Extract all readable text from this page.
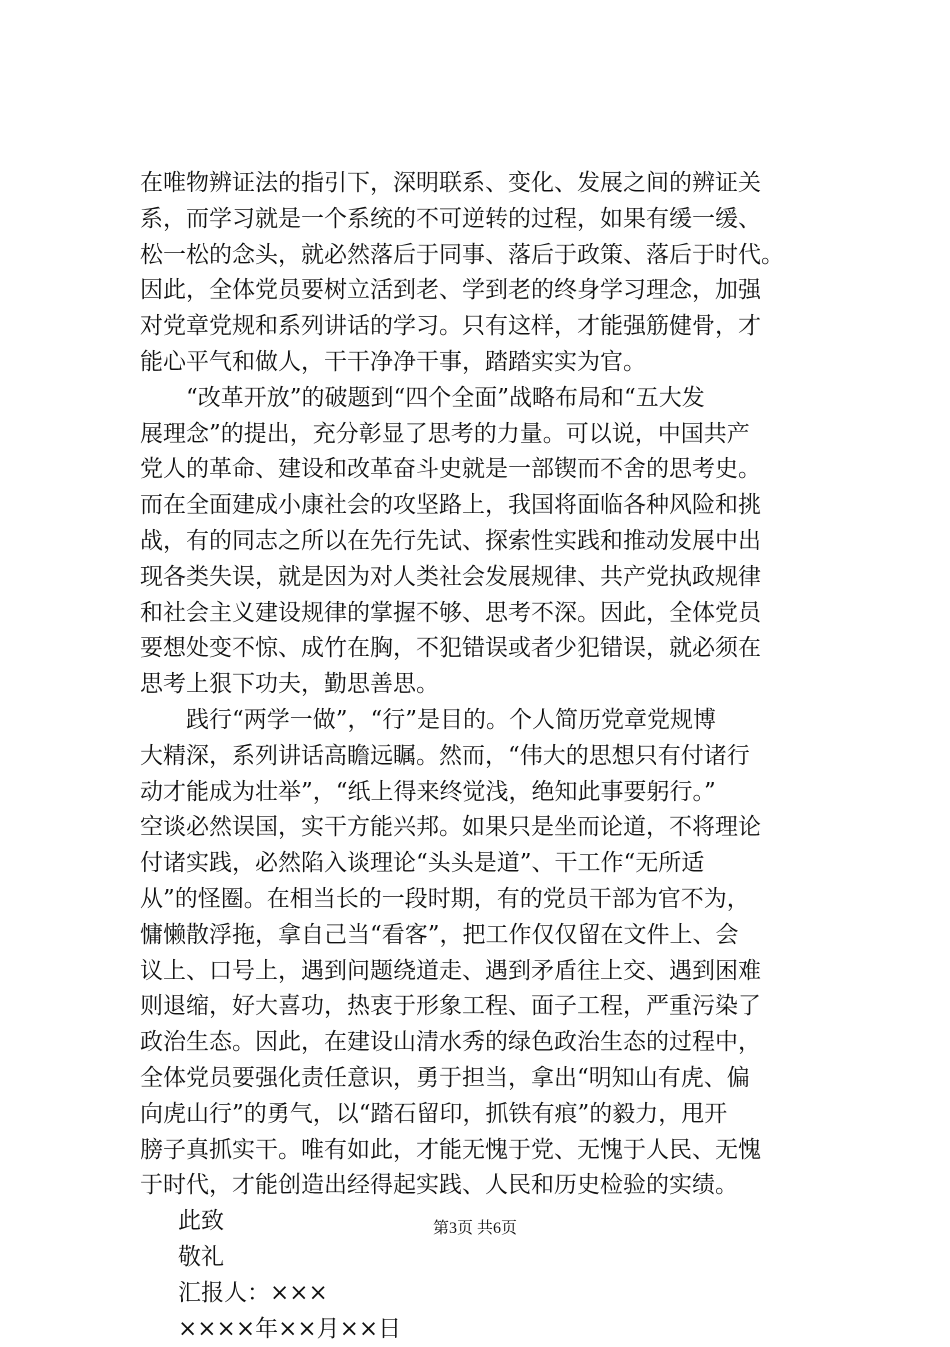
在唯物辨证法的指引下，深明联系、变化、发展之间的辨证关
系，而学习就是一个系统的不可逆转的过程，如果有缓一缓、
松一松的念头，就必然落后于同事、落后于政策、落后于时代。
因此，全体党员要树立活到老、学到老的终身学习理念，加强
对党章党规和系列讲话的学习。只有这样，才能强筋健骨，才
能心平气和做人，干干净净干事，踏踏实实为官。
“改革开放”的破题到“四个全面”战略布局和“五大发
展理念”的提出，充分彰显了思考的力量。可以说，中国共产
党人的革命、建设和改革奋斗史就是一部锲而不舍的思考史。
而在全面建成小康社会的攻坚路上，我国将面临各种风险和挑
战，有的同志之所以在先行先试、探索性实践和推动发展中出
现各类失误，就是因为对人类社会发展规律、共产党执政规律
和社会主义建设规律的掌握不够、思考不深。因此，全体党员
要想处变不惊、成竹在胸，不犯错误或者少犯错误，就必须在
思考上狠下功夫，勤思善思。
践行“两学一做”，“行”是目的。个人简历党章党规博
大精深，系列讲话高瞻远瞩。然而，“伟大的思想只有付诸行
动才能成为壮举”，“纸上得来终觉浅，绝知此事要躬行。”
空谈必然误国，实干方能兴邦。如果只是坐而论道，不将理论
付诸实践，必然陷入谈理论“头头是道”、干工作“无所适
从”的怪圈。在相当长的一段时期，有的党员干部为官不为，
慵懒散浮拖，拿自己当“看客”，把工作仅仅留在文件上、会
议上、口号上，遇到问题绕道走、遇到矛盾往上交、遇到困难
则退缩，好大喜功，热衷于形象工程、面子工程，严重污染了
政治生态。因此，在建设山清水秀的绿色政治生态的过程中，
全体党员要强化责任意识，勇于担当，拿出“明知山有虎、偏
向虎山行”的勇气，以“踏石留印，抓铁有痕”的毅力，甩开
膀子真抓实干。唯有如此，才能无愧于党、无愧于人民、无愧
于时代，才能创造出经得起实践、人民和历史检验的实绩。
此致
敬礼
汇报人：×××
××××年××月××日
第3页 共6页
